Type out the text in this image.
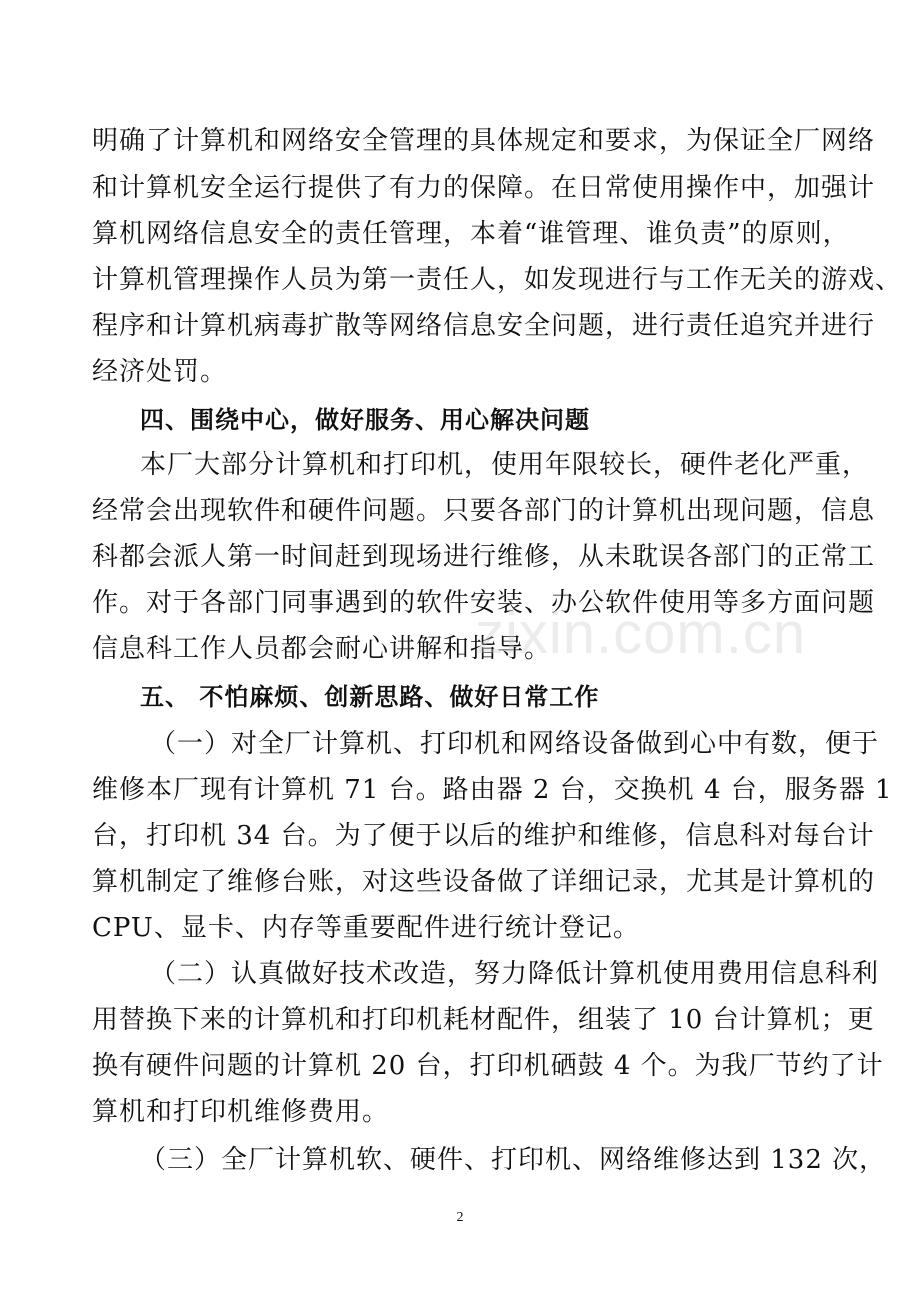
明确了计算机和网络安全管理的具体规定和要求，为保证全厂网络
和计算机安全运行提供了有力的保障。在日常使用操作中，加强计
算机网络信息安全的责任管理，本着“谁管理、谁负责”的原则，
计算机管理操作人员为第一责任人，如发现进行与工作无关的游戏、
程序和计算机病毒扩散等网络信息安全问题，进行责任追究并进行
经济处罚。
四、围绕中心，做好服务、用心解决问题
本厂大部分计算机和打印机，使用年限较长，硬件老化严重，
经常会出现软件和硬件问题。只要各部门的计算机出现问题，信息
科都会派人第一时间赶到现场进行维修，从未耽误各部门的正常工
作。对于各部门同事遇到的软件安装、办公软件使用等多方面问题
信息科工作人员都会耐心讲解和指导。
五、 不怕麻烦、创新思路、做好日常工作
（一）对全厂计算机、打印机和网络设备做到心中有数，便于
维修本厂现有计算机 71 台。路由器 2 台，交换机 4 台，服务器 1
台，打印机 34 台。为了便于以后的维护和维修，信息科对每台计
算机制定了维修台账，对这些设备做了详细记录，尤其是计算机的
CPU、显卡、内存等重要配件进行统计登记。
（二）认真做好技术改造，努力降低计算机使用费用信息科利
用替换下来的计算机和打印机耗材配件，组装了 10 台计算机；更
换有硬件问题的计算机 20 台，打印机硒鼓 4 个。为我厂节约了计
算机和打印机维修费用。
（三）全厂计算机软、硬件、打印机、网络维修达到 132 次，
zixin.com.cn
2
